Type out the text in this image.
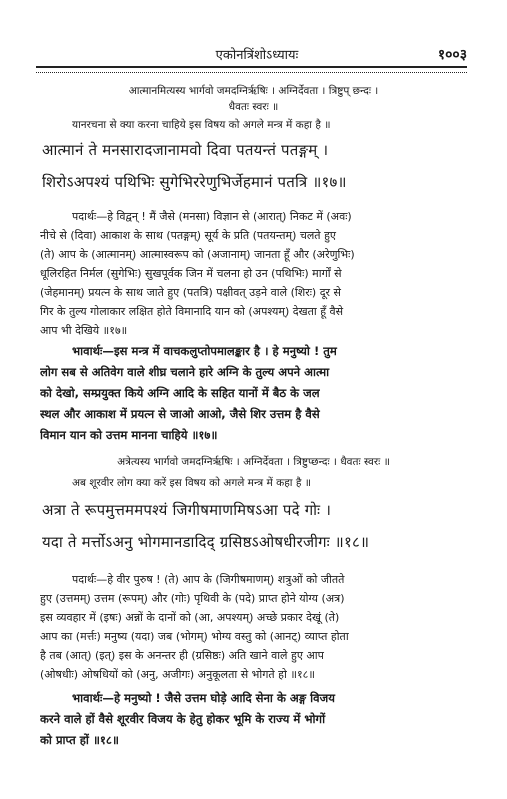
एकोनत्रिंशोऽध्यायः	१००३
आत्मानमित्यस्य भार्गवो जमदग्निर्ऋषिः । अग्निर्देवता । त्रिष्टुप् छन्दः ।
धैवतः स्वरः ॥
यानरचना से क्या करना चाहिये इस विषय को अगले मन्त्र में कहा है ॥
आत्मानं ते मनसारादजानामवो दिवा पतयन्तं पतङ्गम् ।
शिरोऽअपश्यं पथिभिः सुगेभिररेणुभिर्जेहमानं पतत्रि ॥१७॥
पदार्थः—हे विद्वन् ! मैं जैसे (मनसा) विज्ञान से (आरात्) निकट में (अवः)
नीचे से (दिवा) आकाश के साथ (पतङ्गम्) सूर्य के प्रति (पतयन्तम्) चलते हुए
(ते) आप के (आत्मानम्) आत्मास्वरूप को (अजानाम्) जानता हूँ और (अरेणुभिः)
धूलिरहित निर्मल (सुगेभिः) सुखपूर्वक जिन में चलना हो उन (पथिभिः) मार्गों से
(जेहमानम्) प्रयत्न के साथ जाते हुए (पतत्रि) पक्षीवत् उड़ने वाले (शिरः) दूर से
गिर के तुल्य गोलाकार लक्षित होते विमानादि यान को (अपश्यम्) देखता हूँ वैसे
आप भी देखिये ॥१७॥
भावार्थः—इस मन्त्र में वाचकलुप्तोपमालङ्कार है । हे मनुष्यो ! तुम
लोग सब से अतिवेग वाले शीघ्र चलाने हारे अग्नि के तुल्य अपने आत्मा
को देखो, सम्प्रयुक्त किये अग्नि आदि के सहित यानों में बैठ के जल
स्थल और आकाश में प्रयत्न से जाओ आओ, जैसे शिर उत्तम है वैसे
विमान यान को उत्तम मानना चाहिये ॥१७॥
अत्रेत्यस्य भार्गवो जमदग्निर्ऋषिः । अग्निर्देवता । त्रिष्टुप्छन्दः । धैवतः स्वरः ॥
अब शूरवीर लोग क्या करें इस विषय को अगले मन्त्र में कहा है ॥
अत्रा ते रूपमुत्तममपश्यं जिगीषमाणमिषऽआ पदे गोः ।
यदा ते मर्त्तोऽअनु भोगमानडादिद् ग्रसिष्ठऽओषधीरजीगः ॥१८॥
पदार्थः—हे वीर पुरुष ! (ते) आप के (जिगीषमाणम्) शत्रुओं को जीतते
हुए (उत्तमम्) उत्तम (रूपम्) और (गोः) पृथिवी के (पदे) प्राप्त होने योग्य (अत्र)
इस व्यवहार में (इषः) अन्नों के दानों को (आ, अपश्यम्) अच्छे प्रकार देखूं (ते)
आप का (मर्त्तः) मनुष्य (यदा) जब (भोगम्) भोग्य वस्तु को (आनट्) व्याप्त होता
है तब (आत्) (इत्) इस के अनन्तर ही (ग्रसिष्ठः) अति खाने वाले हुए आप
(ओषधीः) ओषधियों को (अनु, अजीगः) अनुकूलता से भोगते हो ॥१८॥
भावार्थः—हे मनुष्यो ! जैसे उत्तम घोड़े आदि सेना के अङ्ग विजय
करने वाले हों वैसे शूरवीर विजय के हेतु होकर भूमि के राज्य में भोगों
को प्राप्त हों ॥१८॥
